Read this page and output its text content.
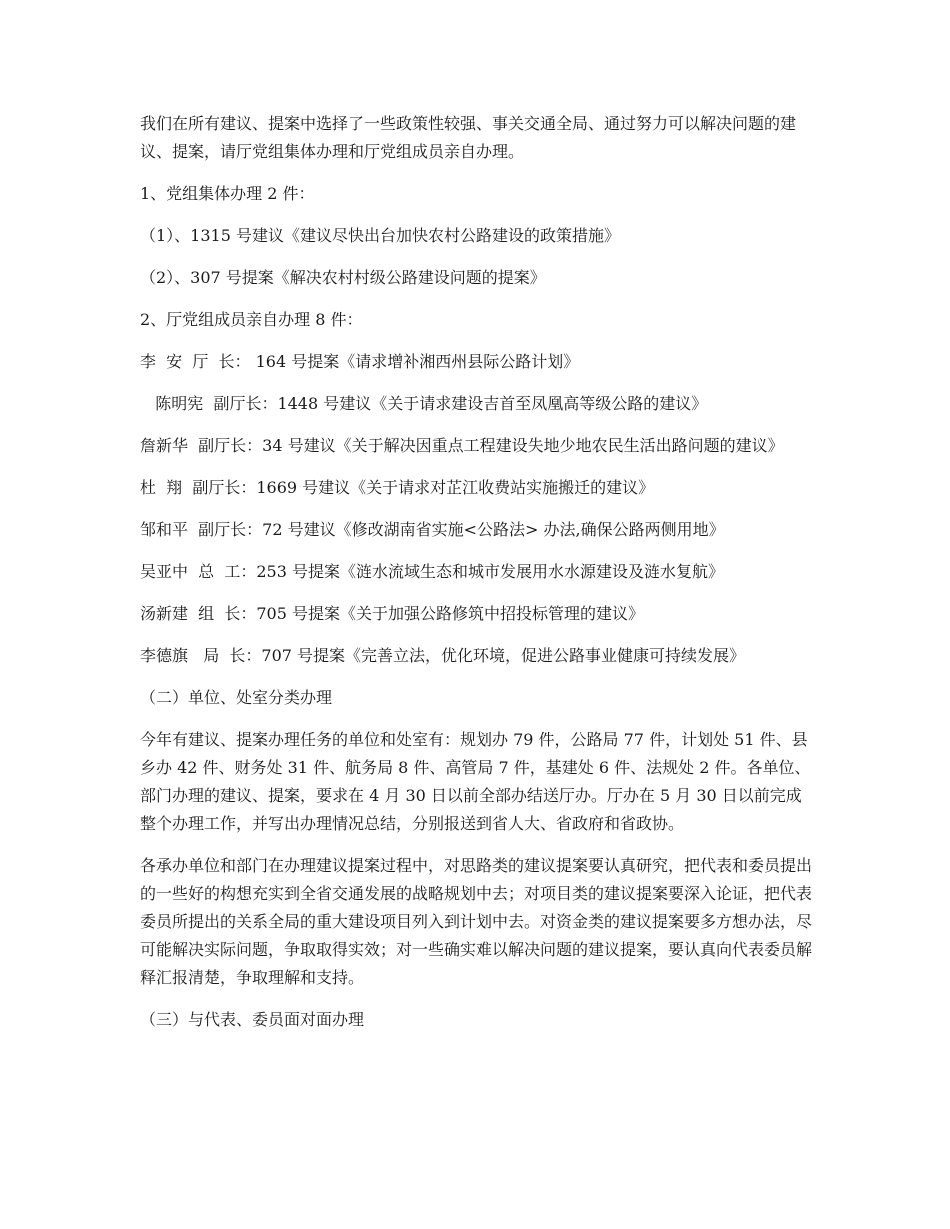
我们在所有建议、提案中选择了一些政策性较强、事关交通全局、通过努力可以解决问题的建议、提案，请厅党组集体办理和厅党组成员亲自办理。

1、党组集体办理 2 件：

（1）、1315 号建议《建议尽快出台加快农村公路建设的政策措施》

（2）、307 号提案《解决农村村级公路建设问题的提案》

2、厅党组成员亲自办理 8 件：

李  安  厅  长： 164 号提案《请求增补湘西州县际公路计划》

陈明宪  副厅长：1448 号建议《关于请求建设吉首至凤凰高等级公路的建议》

詹新华  副厅长：34 号建议《关于解决因重点工程建设失地少地农民生活出路问题的建议》

杜  翔  副厅长：1669 号建议《关于请求对芷江收费站实施搬迁的建议》

邹和平  副厅长：72 号建议《修改湖南省实施<公路法> 办法,确保公路两侧用地》

吴亚中  总  工：253 号提案《涟水流域生态和城市发展用水水源建设及涟水复航》

汤新建  组  长：705 号提案《关于加强公路修筑中招投标管理的建议》

李德旗   局  长：707 号提案《完善立法，优化环境，促进公路事业健康可持续发展》

（二）单位、处室分类办理

今年有建议、提案办理任务的单位和处室有：规划办 79 件，公路局 77 件，计划处 51 件、县乡办 42 件、财务处 31 件、航务局 8 件、高管局 7 件，基建处 6 件、法规处 2 件。各单位、部门办理的建议、提案，要求在 4 月 30 日以前全部办结送厅办。厅办在 5 月 30 日以前完成整个办理工作，并写出办理情况总结，分别报送到省人大、省政府和省政协。

各承办单位和部门在办理建议提案过程中，对思路类的建议提案要认真研究，把代表和委员提出的一些好的构想充实到全省交通发展的战略规划中去；对项目类的建议提案要深入论证，把代表委员所提出的关系全局的重大建设项目列入到计划中去。对资金类的建议提案要多方想办法，尽可能解决实际问题，争取取得实效；对一些确实难以解决问题的建议提案，要认真向代表委员解释汇报清楚，争取理解和支持。

（三）与代表、委员面对面办理
